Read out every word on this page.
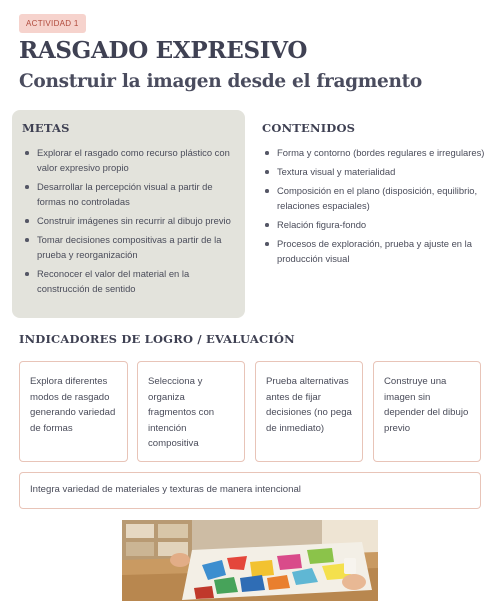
ACTIVIDAD 1
RASGADO EXPRESIVO
Construir la imagen desde el fragmento
METAS
Explorar el rasgado como recurso plástico con valor expresivo propio
Desarrollar la percepción visual a partir de formas no controladas
Construir imágenes sin recurrir al dibujo previo
Tomar decisiones compositivas a partir de la prueba y reorganización
Reconocer el valor del material en la construcción de sentido
CONTENIDOS
Forma y contorno (bordes regulares e irregulares)
Textura visual y materialidad
Composición en el plano (disposición, equilibrio, relaciones espaciales)
Relación figura-fondo
Procesos de exploración, prueba y ajuste en la producción visual
INDICADORES DE LOGRO / EVALUACIÓN
Explora diferentes modos de rasgado generando variedad de formas
Selecciona y organiza fragmentos con intención compositiva
Prueba alternativas antes de fijar decisiones (no pega de inmediato)
Construye una imagen sin depender del dibujo previo
Integra variedad de materiales y texturas de manera intencional
